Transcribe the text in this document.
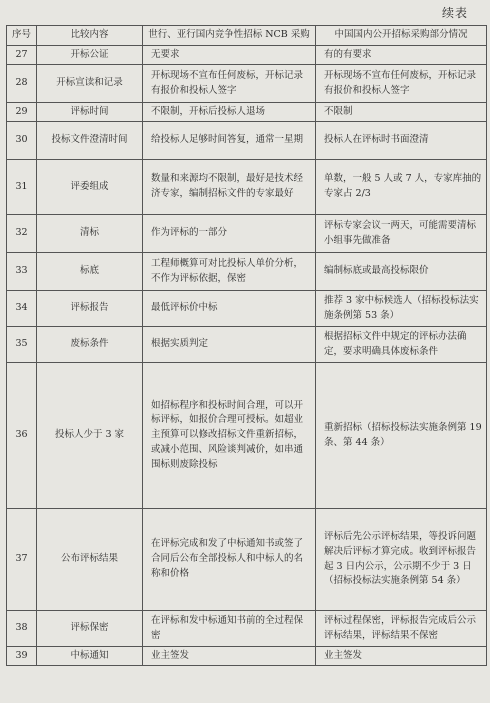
续表
序号	比较内容	世行、亚行国内竞争性招标 NCB 采购	中国国内公开招标采购部分情况
27	开标公证	无要求	有的有要求
28	开标宣读和记录	开标现场不宣布任何废标，开标记录有报价和投标人签字	开标现场不宣布任何废标，开标记录有报价和投标人签字
29	评标时间	不限制，开标后投标人退场	不限制
30	投标文件澄清时间	给投标人足够时间答复，通常一星期	投标人在评标时书面澄清
31	评委组成	数量和来源均不限制，最好是技术经济专家，编制招标文件的专家最好	单数，一般 5 人或 7 人，专家库抽的专家占 2/3
32	清标	作为评标的一部分	评标专家会议一两天，可能需要清标小组事先做准备
33	标底	工程师概算可对比投标人单价分析，不作为评标依据，保密	编制标底或最高投标限价
34	评标报告	最低评标价中标	推荐 3 家中标候选人（招标投标法实施条例第 53 条）
35	废标条件	根据实质判定	根据招标文件中规定的评标办法确定，要求明确具体废标条件
36	投标人少于 3 家	如招标程序和投标时间合理，可以开标评标，如报价合理可授标。如超业主预算可以修改招标文件重新招标，或减小范围、风险谈判减价，如串通围标则废除投标	重新招标（招标投标法实施条例第 19 条、第 44 条）
37	公布评标结果	在评标完成和发了中标通知书或签了合同后公布全部投标人和中标人的名称和价格	评标后先公示评标结果，等投诉问题解决后评标才算完成。收到评标报告起 3 日内公示，公示期不少于 3 日（招标投标法实施条例第 54 条）
38	评标保密	在评标和发中标通知书前的全过程保密	评标过程保密，评标报告完成后公示评标结果，评标结果不保密
39	中标通知	业主签发	业主签发
